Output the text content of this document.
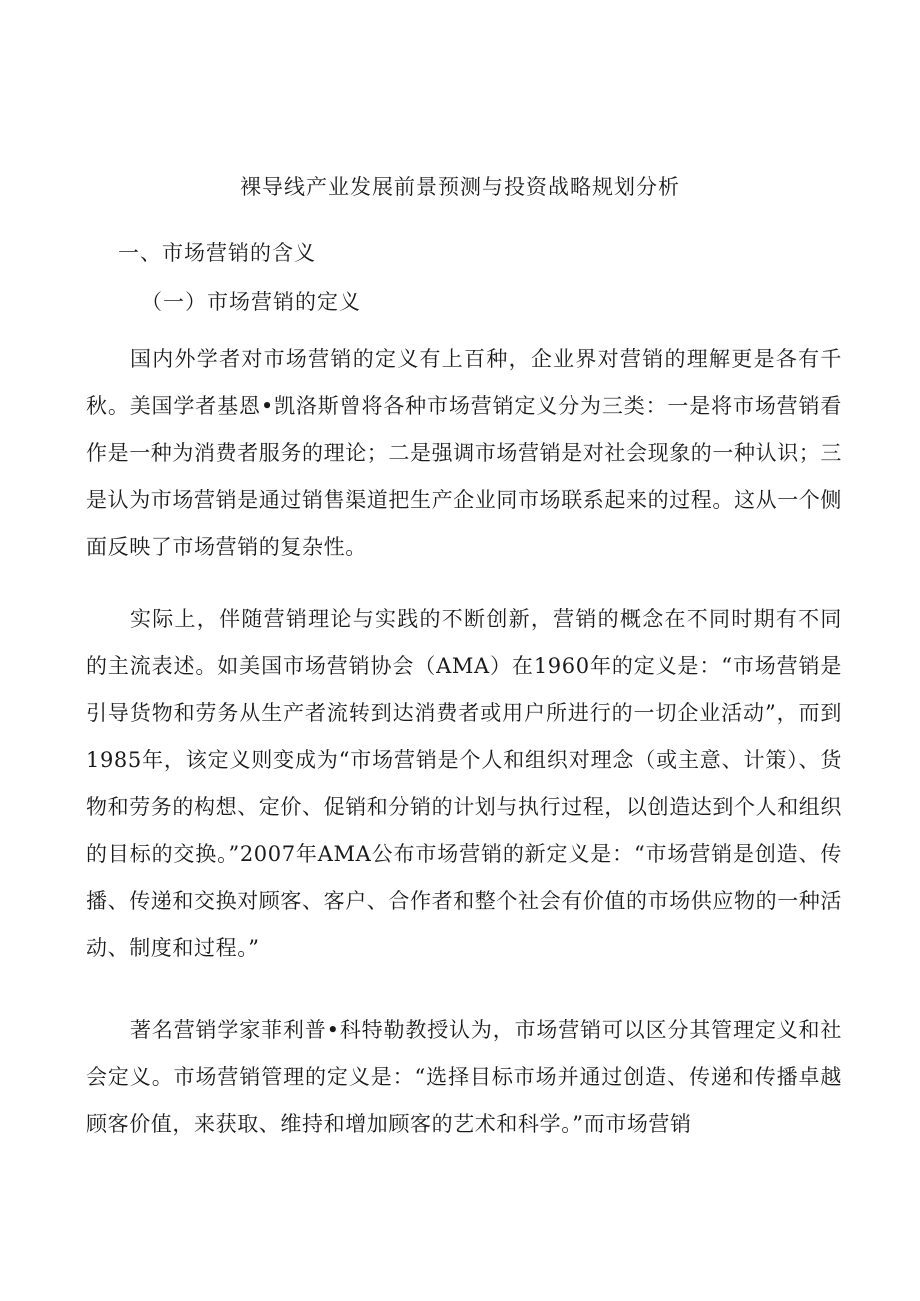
裸导线产业发展前景预测与投资战略规划分析
一、市场营销的含义
（一）市场营销的定义

国内外学者对市场营销的定义有上百种，企业界对营销的理解更是各有千秋。美国学者基恩•凯洛斯曾将各种市场营销定义分为三类：一是将市场营销看作是一种为消费者服务的理论；二是强调市场营销是对社会现象的一种认识；三是认为市场营销是通过销售渠道把生产企业同市场联系起来的过程。这从一个侧面反映了市场营销的复杂性。

实际上，伴随营销理论与实践的不断创新，营销的概念在不同时期有不同的主流表述。如美国市场营销协会（AMA）在1960年的定义是：“市场营销是引导货物和劳务从生产者流转到达消费者或用户所进行的一切企业活动”，而到1985年，该定义则变成为“市场营销是个人和组织对理念（或主意、计策）、货物和劳务的构想、定价、促销和分销的计划与执行过程，以创造达到个人和组织的目标的交换。”2007年AMA公布市场营销的新定义是：“市场营销是创造、传播、传递和交换对顾客、客户、合作者和整个社会有价值的市场供应物的一种活动、制度和过程。”

著名营销学家菲利普•科特勒教授认为，市场营销可以区分其管理定义和社会定义。市场营销管理的定义是：“选择目标市场并通过创造、传递和传播卓越顾客价值，来获取、维持和增加顾客的艺术和科学。”而市场营销
